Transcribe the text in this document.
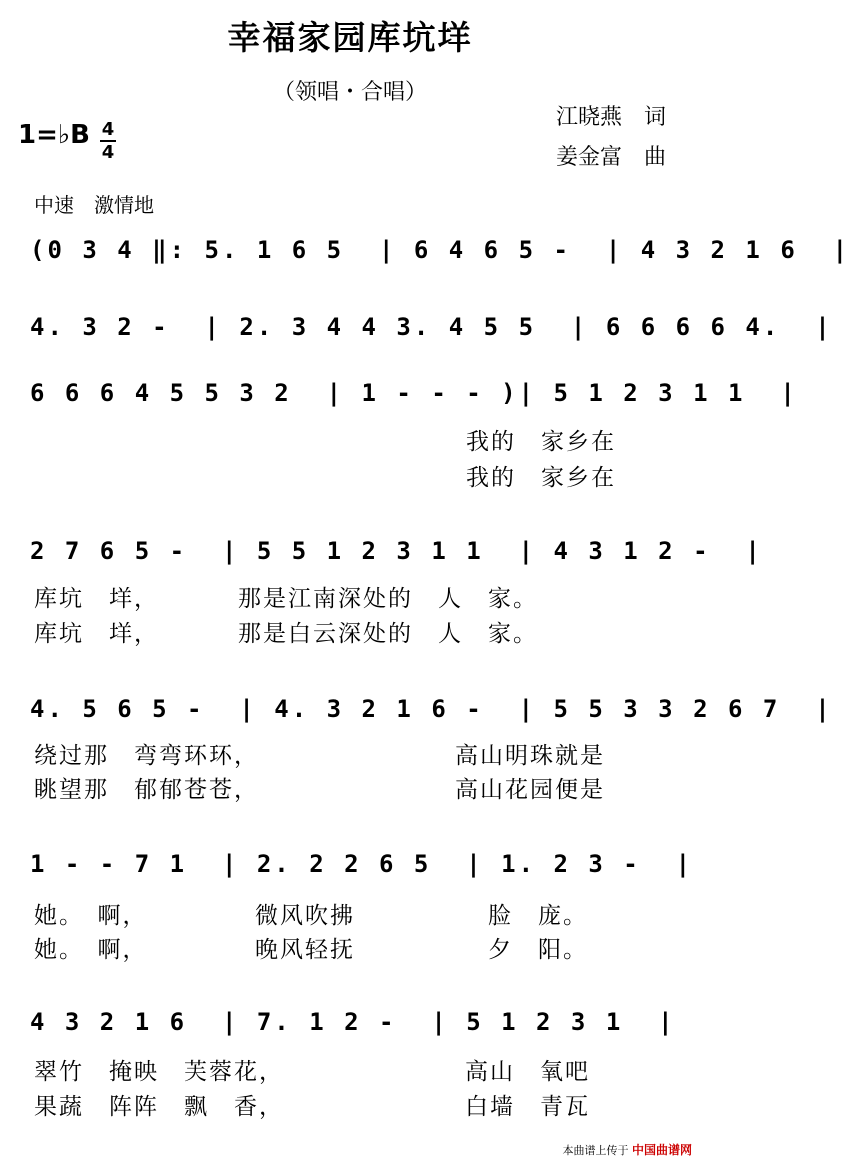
幸福家园库坑垟
（领唱・合唱）
江晓燕　词
姜金富　曲
1=♭B 4
4
中速　激情地
(0 3 4 ‖: 5. 1 6 5  | 6 4 6 5 -  | 4 3 2 1 6  |
4. 3 2 -  | 2. 3 4 4 3. 4 5 5  | 6 6 6 6 4.  |
6 6 6 4 5 5 3 2  | 1 - - - )| 5 1 2 3 1 1  |

我的　家乡在

我的　家乡在

2 7 6 5 -  | 5 5 1 2 3 1 1  | 4 3 1 2 -  |

库坑　垟，

	那是江南深处的　人　家。

库坑　垟，

	那是白云深处的　人　家。

4. 5 6 5 -  | 4. 3 2 1 6 -  | 5 5 3 3 2 6 7  |

绕过那　弯弯环环，

	高山明珠就是

眺望那　郁郁苍苍，

	高山花园便是

1 - - 7 1  | 2. 2 2 6 5  | 1. 2 3 -  |

她。　啊，

	微风吹拂

	脸　庞。

她。　啊，

	晚风轻抚

	夕　阳。

4 3 2 1 6  | 7. 1 2 -  | 5 1 2 3 1  |

翠竹　掩映　芙蓉花，

	高山　氧吧

果蔬　阵阵　飘　香，

	白墙　青瓦

本曲谱上传于 中国曲谱网
